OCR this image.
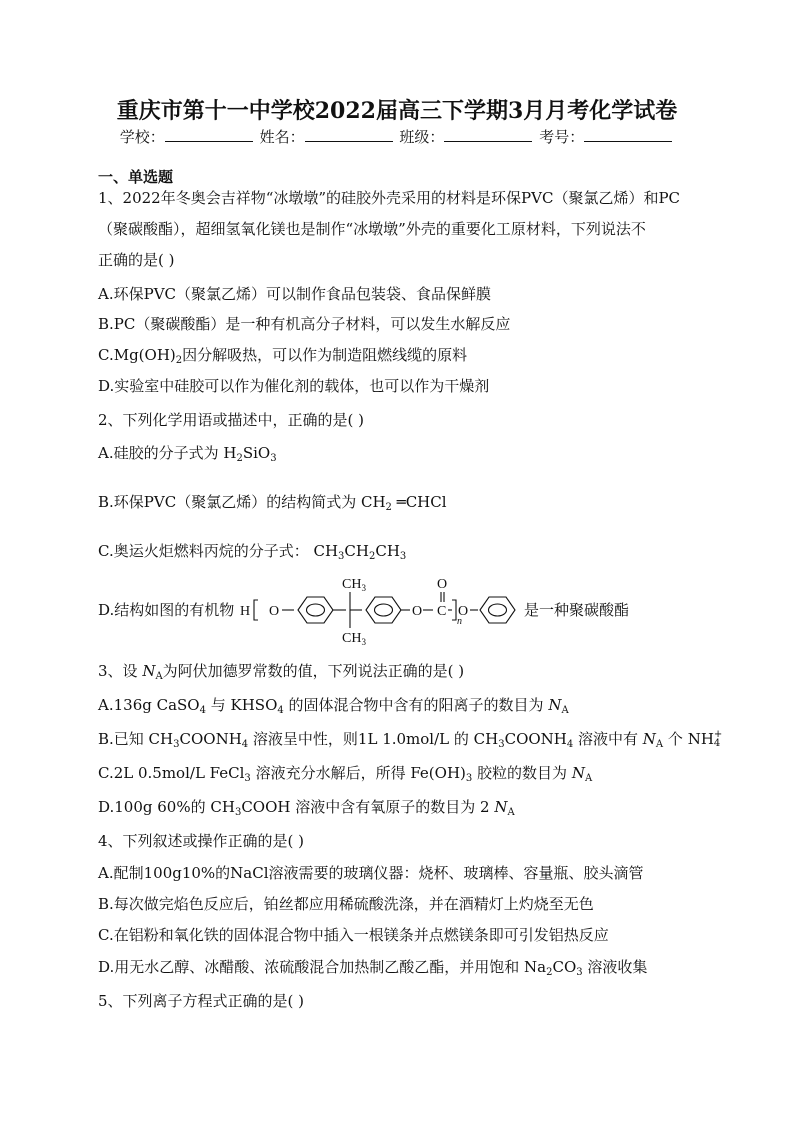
重庆市第十一中学校2022届高三下学期3月月考化学试卷
学校：	姓名：	班级：	考号：
一、单选题
1、2022年冬奥会吉祥物“冰墩墩”的硅胶外壳采用的材料是环保PVC（聚氯乙烯）和PC
（聚碳酸酯），超细氢氧化镁也是制作“冰墩墩”外壳的重要化工原材料，下列说法不
正确的是( )
A.环保PVC（聚氯乙烯）可以制作食品包装袋、食品保鲜膜
B.PC（聚碳酸酯）是一种有机高分子材料，可以发生水解反应
$C.Mg(OH)_2$因分解吸热，可以作为制造阻燃线缆的原料
D.实验室中硅胶可以作为催化剂的载体，也可以作为干燥剂
2、下列化学用语或描述中，正确的是( )
A.硅胶的分子式为 $H_2SiO_3$
B.环保PVC（聚氯乙烯）的结构简式为 $CH_2$ ═CHCl
C.奥运火炬燃料丙烷的分子式： $CH_3CH_2CH_3$
D.结构如图的有机物 H O
$CH_3$
$CH_3$
O
O
C
n
O	是一种聚碳酸酯
3、设 $N_A$为阿伏加德罗常数的值，下列说法正确的是( )
A.136g CaSO$_4$ 与 $KHSO_4$ 的固体混合物中含有的阳离子的数目为 $N_A$
B.已知 $CH_3COONH_4$ 溶液呈中性，则1L 1.0mol/L 的 $CH_3COONH_4$ 溶液中有 $N_A$ 个 NH +
4
C.2L 0.5mol/L FeCl$_3$ 溶液充分水解后，所得 $Fe(OH)_3$ 胶粒的数目为 $N_A$
D.100g 60%的 $CH_3COOH$ 溶液中含有氧原子的数目为 2 $N_A$
4、下列叙述或操作正确的是( )
A.配制100g10%的NaCl溶液需要的玻璃仪器：烧杯、玻璃棒、容量瓶、胶头滴管
B.每次做完焰色反应后，铂丝都应用稀硫酸洗涤，并在酒精灯上灼烧至无色
C.在铝粉和氧化铁的固体混合物中插入一根镁条并点燃镁条即可引发铝热反应
D.用无水乙醇、冰醋酸、浓硫酸混合加热制乙酸乙酯，并用饱和 $Na_2CO_3$ 溶液收集
5、下列离子方程式正确的是( )
